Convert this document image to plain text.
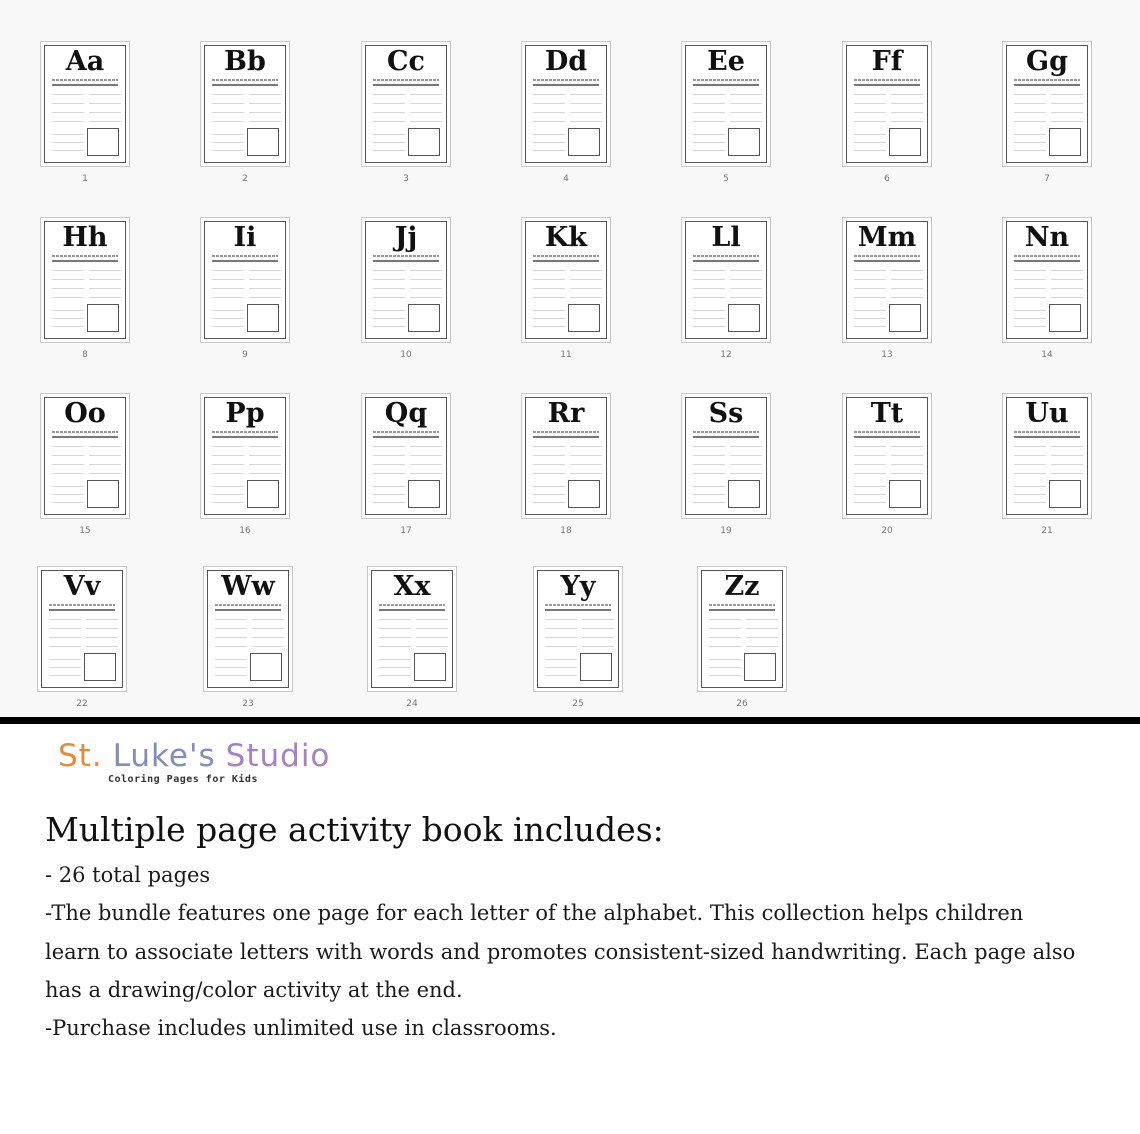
Aa
1
Bb
2
Cc
3
Dd
4
Ee
5
Ff
6
Gg
7
Hh
8
Ii
9
Jj
10
Kk
11
Ll
12
Mm
13
Nn
14
Oo
15
Pp
16
Qq
17
Rr
18
Ss
19
Tt
20
Uu
21
Vv
22
Ww
23
Xx
24
Yy
25
Zz
26
St. Luke's Studio
Coloring Pages for Kids
Multiple page activity book includes:

- 26 total pages

-The bundle features one page for each letter of the alphabet. This collection helps children learn to associate letters with words and promotes consistent-sized handwriting. Each page also has a drawing/color activity at the end.

-Purchase includes unlimited use in classrooms.
